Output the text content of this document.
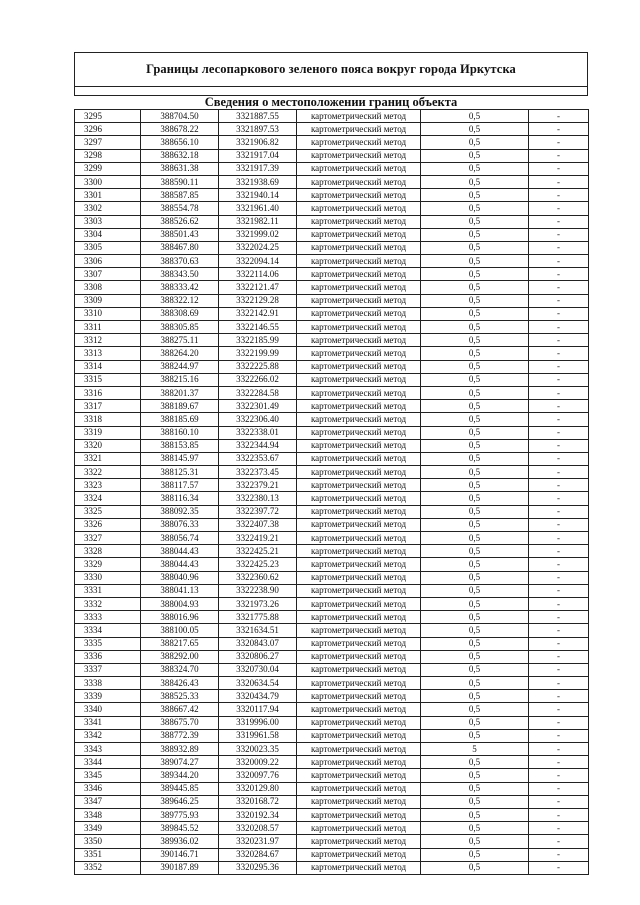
Границы лесопаркового зеленого пояса вокруг города Иркутска
Сведения о местоположении границ объекта
3295	388704.50	3321887.55	картометрический метод	0,5	-
3296	388678.22	3321897.53	картометрический метод	0,5	-
3297	388656.10	3321906.82	картометрический метод	0,5	-
3298	388632.18	3321917.04	картометрический метод	0,5	-
3299	388631.38	3321917.39	картометрический метод	0,5	-
3300	388590.11	3321938.69	картометрический метод	0,5	-
3301	388587.85	3321940.14	картометрический метод	0,5	-
3302	388554.78	3321961.40	картометрический метод	0,5	-
3303	388526.62	3321982.11	картометрический метод	0,5	-
3304	388501.43	3321999.02	картометрический метод	0,5	-
3305	388467.80	3322024.25	картометрический метод	0,5	-
3306	388370.63	3322094.14	картометрический метод	0,5	-
3307	388343.50	3322114.06	картометрический метод	0,5	-
3308	388333.42	3322121.47	картометрический метод	0,5	-
3309	388322.12	3322129.28	картометрический метод	0,5	-
3310	388308.69	3322142.91	картометрический метод	0,5	-
3311	388305.85	3322146.55	картометрический метод	0,5	-
3312	388275.11	3322185.99	картометрический метод	0,5	-
3313	388264.20	3322199.99	картометрический метод	0,5	-
3314	388244.97	3322225.88	картометрический метод	0,5	-
3315	388215.16	3322266.02	картометрический метод	0,5	-
3316	388201.37	3322284.58	картометрический метод	0,5	-
3317	388189.67	3322301.49	картометрический метод	0,5	-
3318	388185.69	3322306.40	картометрический метод	0,5	-
3319	388160.10	3322338.01	картометрический метод	0,5	-
3320	388153.85	3322344.94	картометрический метод	0,5	-
3321	388145.97	3322353.67	картометрический метод	0,5	-
3322	388125.31	3322373.45	картометрический метод	0,5	-
3323	388117.57	3322379.21	картометрический метод	0,5	-
3324	388116.34	3322380.13	картометрический метод	0,5	-
3325	388092.35	3322397.72	картометрический метод	0,5	-
3326	388076.33	3322407.38	картометрический метод	0,5	-
3327	388056.74	3322419.21	картометрический метод	0,5	-
3328	388044.43	3322425.21	картометрический метод	0,5	-
3329	388044.43	3322425.23	картометрический метод	0,5	-
3330	388040.96	3322360.62	картометрический метод	0,5	-
3331	388041.13	3322238.90	картометрический метод	0,5	-
3332	388004.93	3321973.26	картометрический метод	0,5	-
3333	388016.96	3321775.88	картометрический метод	0,5	-
3334	388100.05	3321634.51	картометрический метод	0,5	-
3335	388217.65	3320843.07	картометрический метод	0,5	-
3336	388292.00	3320806.27	картометрический метод	0,5	-
3337	388324.70	3320730.04	картометрический метод	0,5	-
3338	388426.43	3320634.54	картометрический метод	0,5	-
3339	388525.33	3320434.79	картометрический метод	0,5	-
3340	388667.42	3320117.94	картометрический метод	0,5	-
3341	388675.70	3319996.00	картометрический метод	0,5	-
3342	388772.39	3319961.58	картометрический метод	0,5	-
3343	388932.89	3320023.35	картометрический метод	5	-
3344	389074.27	3320009.22	картометрический метод	0,5	-
3345	389344.20	3320097.76	картометрический метод	0,5	-
3346	389445.85	3320129.80	картометрический метод	0,5	-
3347	389646.25	3320168.72	картометрический метод	0,5	-
3348	389775.93	3320192.34	картометрический метод	0,5	-
3349	389845.52	3320208.57	картометрический метод	0,5	-
3350	389936.02	3320231.97	картометрический метод	0,5	-
3351	390146.71	3320284.67	картометрический метод	0,5	-
3352	390187.89	3320295.36	картометрический метод	0,5	-
